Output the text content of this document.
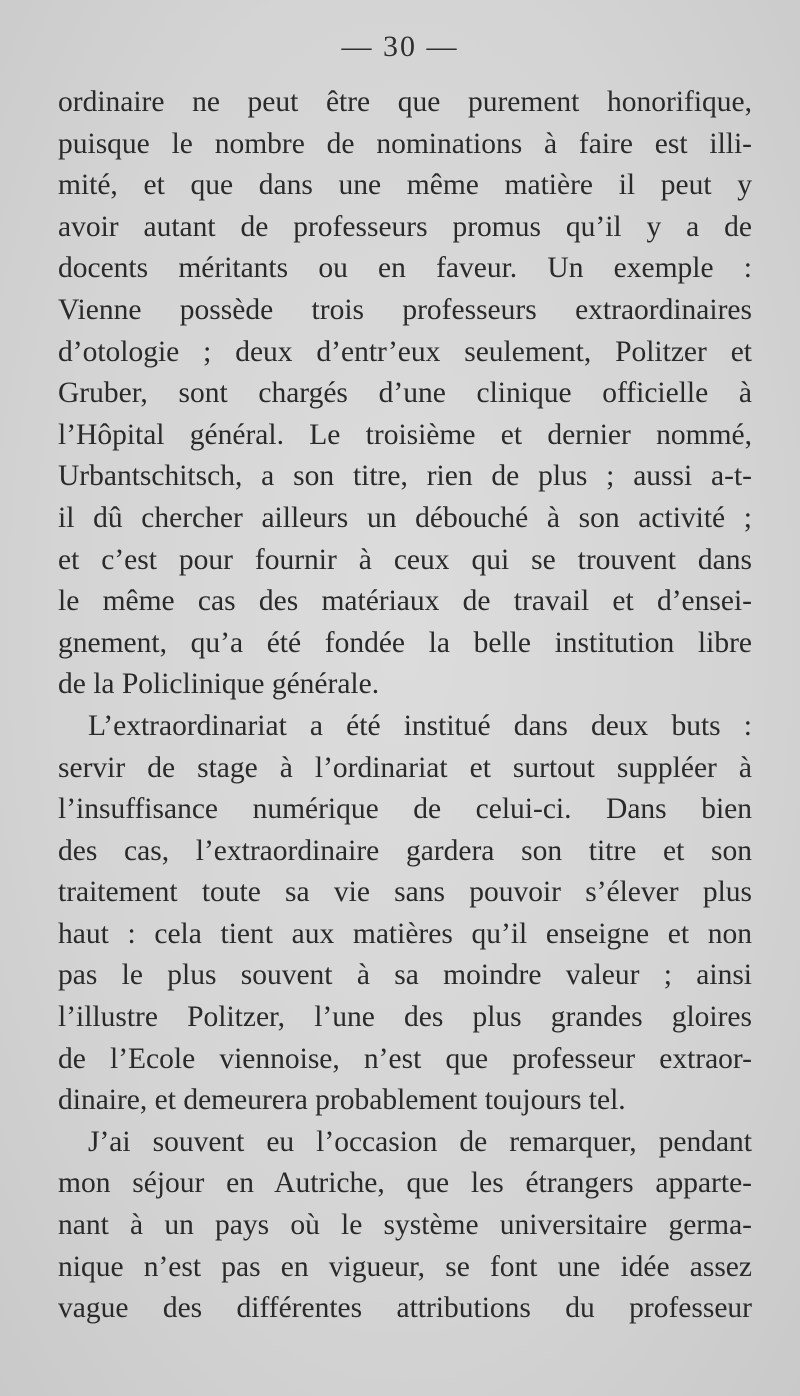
— 30 —
ordinaire ne peut être que purement honorifique,
puisque le nombre de nominations à faire est illi-
mité, et que dans une même matière il peut y
avoir autant de professeurs promus qu’il y a de
docents méritants ou en faveur. Un exemple :
Vienne possède trois professeurs extraordinaires
d’otologie ; deux d’entr’eux seulement, Politzer et
Gruber, sont chargés d’une clinique officielle à
l’Hôpital général. Le troisième et dernier nommé,
Urbantschitsch, a son titre, rien de plus ; aussi a-t-
il dû chercher ailleurs un débouché à son activité ;
et c’est pour fournir à ceux qui se trouvent dans
le même cas des matériaux de travail et d’ensei-
gnement, qu’a été fondée la belle institution libre
de la Policlinique générale.
L’extraordinariat a été institué dans deux buts :
servir de stage à l’ordinariat et surtout suppléer à
l’insuffisance numérique de celui-ci. Dans bien
des cas, l’extraordinaire gardera son titre et son
traitement toute sa vie sans pouvoir s’élever plus
haut : cela tient aux matières qu’il enseigne et non
pas le plus souvent à sa moindre valeur ; ainsi
l’illustre Politzer, l’une des plus grandes gloires
de l’Ecole viennoise, n’est que professeur extraor-
dinaire, et demeurera probablement toujours tel.
J’ai souvent eu l’occasion de remarquer, pendant
mon séjour en Autriche, que les étrangers apparte-
nant à un pays où le système universitaire germa-
nique n’est pas en vigueur, se font une idée assez
vague des différentes attributions du professeur
